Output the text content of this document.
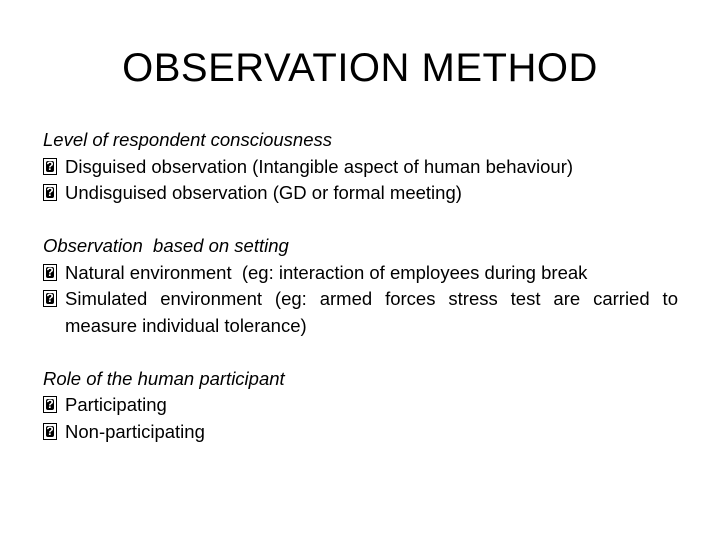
OBSERVATION METHOD

Level of respondent consciousness

?
Disguised observation (Intangible aspect of human behaviour)
?
Undisguised observation (GD or formal meeting)

Observation  based on setting

?
Natural environment  (eg: interaction of employees during break
?
Simulated environment (eg: armed forces stress test are carried to measure individual tolerance)

Role of the human participant

?
Participating
?
Non-participating
